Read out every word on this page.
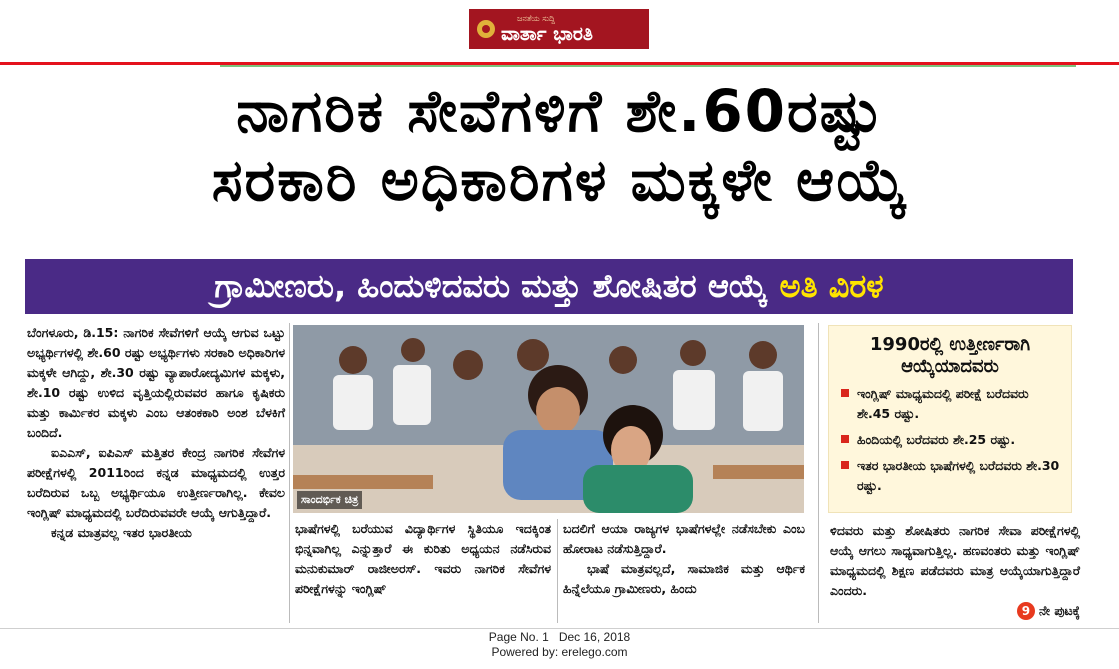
ಜನತೆಯ ಸುದ್ದಿ
ವಾರ್ತಾ ಭಾರತಿ
ನಾಗರಿಕ ಸೇವೆಗಳಿಗೆ ಶೇ.60ರಷ್ಟು
ಸರಕಾರಿ ಅಧಿಕಾರಿಗಳ ಮಕ್ಕಳೇ ಆಯ್ಕೆ
ಗ್ರಾಮೀಣರು, ಹಿಂದುಳಿದವರು ಮತ್ತು ಶೋಷಿತರ ಆಯ್ಕೆ ಅತಿ ವಿರಳ

ಬೆಂಗಳೂರು, ಡಿ.15: ನಾಗರಿಕ ಸೇವೆಗಳಿಗೆ ಆಯ್ಕೆ ಆಗುವ ಒಟ್ಟು ಅಭ್ಯರ್ಥಿಗಳಲ್ಲಿ ಶೇ.60 ರಷ್ಟು ಅಭ್ಯರ್ಥಿಗಳು ಸರಕಾರಿ ಅಧಿಕಾರಿಗಳ ಮಕ್ಕಳೇ ಆಗಿದ್ದು, ಶೇ.30 ರಷ್ಟು ವ್ಯಾಪಾರೋದ್ಯಮಿಗಳ ಮಕ್ಕಳು, ಶೇ.10 ರಷ್ಟು ಉಳಿದ ವೃತ್ತಿಯಲ್ಲಿರುವವರ ಹಾಗೂ ಕೃಷಿಕರು ಮತ್ತು ಕಾರ್ಮಿಕರ ಮಕ್ಕಳು ಎಂಬ ಆತಂಕಕಾರಿ ಅಂಶ ಬೆಳಕಿಗೆ ಬಂದಿದೆ.

ಐಎಎಸ್, ಐಪಿಎಸ್ ಮತ್ತಿತರ ಕೇಂದ್ರ ನಾಗರಿಕ ಸೇವೆಗಳ ಪರೀಕ್ಷೆಗಳಲ್ಲಿ 2011ರಿಂದ ಕನ್ನಡ ಮಾಧ್ಯಮದಲ್ಲಿ ಉತ್ತರ ಬರೆದಿರುವ ಒಬ್ಬ ಅಭ್ಯರ್ಥಿಯೂ ಉತ್ತೀರ್ಣರಾಗಿಲ್ಲ. ಕೇವಲ ಇಂಗ್ಲಿಷ್ ಮಾಧ್ಯಮದಲ್ಲಿ ಬರೆದಿರುವವರೇ ಆಯ್ಕೆ ಆಗುತ್ತಿದ್ದಾರೆ.

ಕನ್ನಡ ಮಾತ್ರವಲ್ಲ ಇತರ ಭಾರತೀಯ

ಸಾಂದರ್ಭಿಕ ಚಿತ್ರ
1990ರಲ್ಲಿ ಉತ್ತೀರ್ಣರಾಗಿ ಆಯ್ಕೆಯಾದವರು
ಇಂಗ್ಲಿಷ್ ಮಾಧ್ಯಮದಲ್ಲಿ ಪರೀಕ್ಷೆ ಬರೆದವರು ಶೇ.45 ರಷ್ಟು.
ಹಿಂದಿಯಲ್ಲಿ ಬರೆದವರು ಶೇ.25 ರಷ್ಟು.
ಇತರ ಭಾರತೀಯ ಭಾಷೆಗಳಲ್ಲಿ ಬರೆದವರು ಶೇ.30 ರಷ್ಟು.

ಭಾಷೆಗಳಲ್ಲಿ ಬರೆಯುವ ವಿದ್ಯಾರ್ಥಿಗಳ ಸ್ಥಿತಿಯೂ ಇದಕ್ಕಿಂತ ಭಿನ್ನವಾಗಿಲ್ಲ ಎನ್ನುತ್ತಾರೆ ಈ ಕುರಿತು ಅಧ್ಯಯನ ನಡೆಸಿರುವ ಮನುಕುಮಾರ್ ರಾಜೀಅರಸ್. ಇವರು ನಾಗರಿಕ ಸೇವೆಗಳ ಪರೀಕ್ಷೆಗಳನ್ನು ಇಂಗ್ಲಿಷ್

ಬದಲಿಗೆ ಆಯಾ ರಾಜ್ಯಗಳ ಭಾಷೆಗಳಲ್ಲೇ ನಡೆಸಬೇಕು ಎಂಬ ಹೋರಾಟ ನಡೆಸುತ್ತಿದ್ದಾರೆ.

ಭಾಷೆ ಮಾತ್ರವಲ್ಲದೆ, ಸಾಮಾಜಿಕ ಮತ್ತು ಆರ್ಥಿಕ ಹಿನ್ನೆಲೆಯೂ ಗ್ರಾಮೀಣರು, ಹಿಂದು

ಳಿದವರು ಮತ್ತು ಶೋಷಿತರು ನಾಗರಿಕ ಸೇವಾ ಪರೀಕ್ಷೆಗಳಲ್ಲಿ ಆಯ್ಕೆ ಆಗಲು ಸಾಧ್ಯವಾಗುತ್ತಿಲ್ಲ. ಹಣವಂತರು ಮತ್ತು ಇಂಗ್ಲಿಷ್ ಮಾಧ್ಯಮದಲ್ಲಿ ಶಿಕ್ಷಣ ಪಡೆದವರು ಮಾತ್ರ ಆಯ್ಕೆಯಾಗುತ್ತಿದ್ದಾರೆ ಎಂದರು.

9 ನೇ ಪುಟಕ್ಕೆ

Page No. 1   Dec 16, 2018
Powered by: erelego.com
